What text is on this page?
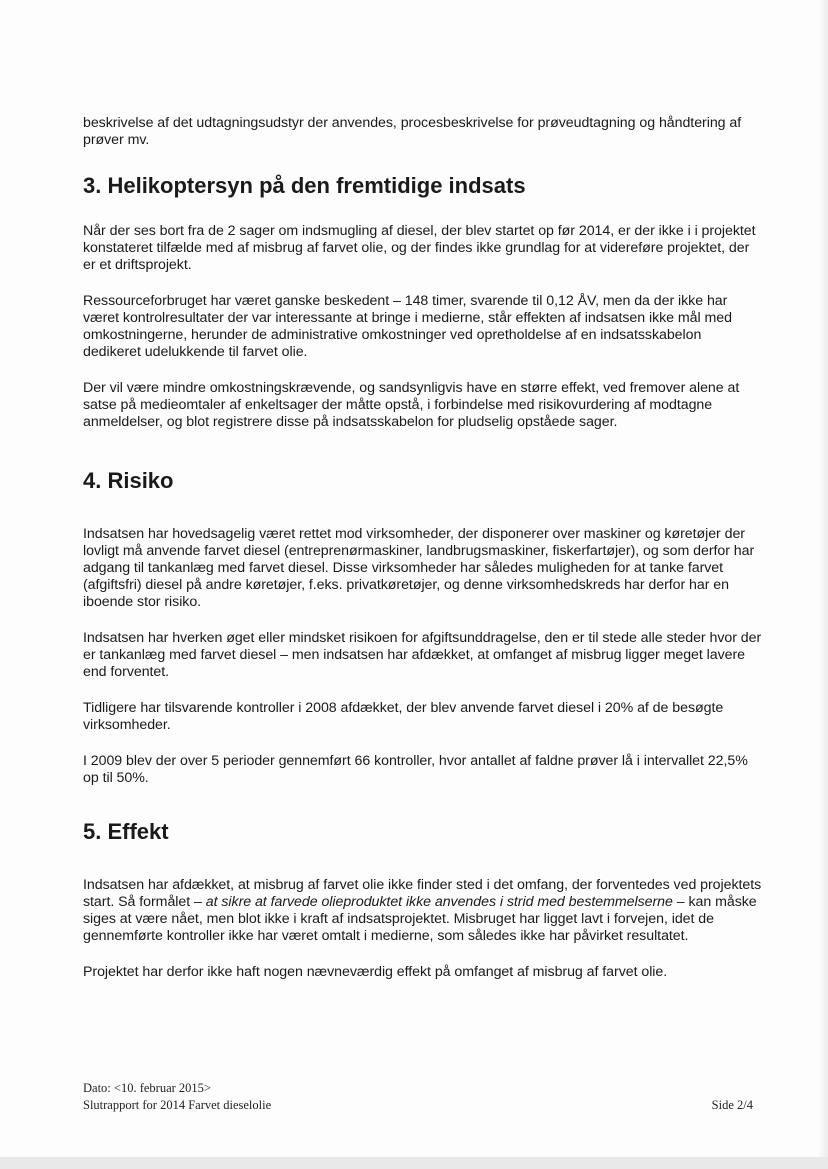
beskrivelse af det udtagningsudstyr der anvendes, procesbeskrivelse for prøveudtagning og håndtering af prøver mv.

3. Helikoptersyn på den fremtidige indsats

Når der ses bort fra de 2 sager om indsmugling af diesel, der blev startet op før 2014, er der ikke i i projektet konstateret tilfælde med af misbrug af farvet olie, og der findes ikke grundlag for at videreføre projektet, der er et driftsprojekt.

Ressourceforbruget har været ganske beskedent – 148 timer, svarende til 0,12 ÅV, men da der ikke har været kontrolresultater der var interessante at bringe i medierne, står effekten af indsatsen ikke mål med omkostningerne, herunder de administrative omkostninger ved opretholdelse af en indsatsskabelon dedikeret udelukkende til farvet olie.

Der vil være mindre omkostningskrævende, og sandsynligvis have en større effekt, ved fremover alene at satse på medieomtaler af enkeltsager der måtte opstå, i forbindelse med risikovurdering af modtagne anmeldelser, og blot registrere disse på indsatsskabelon for pludselig opståede sager.

4. Risiko

Indsatsen har hovedsagelig været rettet mod virksomheder, der disponerer over maskiner og køretøjer der lovligt må anvende farvet diesel (entreprenørmaskiner, landbrugsmaskiner, fiskerfartøjer), og som derfor har adgang til tankanlæg med farvet diesel. Disse virksomheder har således muligheden for at tanke farvet (afgiftsfri) diesel på andre køretøjer, f.eks. privatkøretøjer, og denne virksomhedskreds har derfor har en iboende stor risiko.

Indsatsen har hverken øget eller mindsket risikoen for afgiftsunddragelse, den er til stede alle steder hvor der er tankanlæg med farvet diesel – men indsatsen har afdækket, at omfanget af misbrug ligger meget lavere end forventet.

Tidligere har tilsvarende kontroller i 2008 afdækket, der blev anvende farvet diesel i 20% af de besøgte virksomheder.

I 2009 blev der over 5 perioder gennemført 66 kontroller, hvor antallet af faldne prøver lå i intervallet 22,5% op til 50%.

5. Effekt

Indsatsen har afdækket, at misbrug af farvet olie ikke finder sted i det omfang, der forventedes ved projektets start. Så formålet – at sikre at farvede olieproduktet ikke anvendes i strid med bestemmelserne – kan måske siges at være nået, men blot ikke i kraft af indsatsprojektet. Misbruget har ligget lavt i forvejen, idet de gennemførte kontroller ikke har været omtalt i medierne, som således ikke har påvirket resultatet.

Projektet har derfor ikke haft nogen nævneværdig effekt på omfanget af misbrug af farvet olie.

Dato: <10. februar 2015>
Slutrapport for 2014 Farvet dieselolie	Side 2/4
